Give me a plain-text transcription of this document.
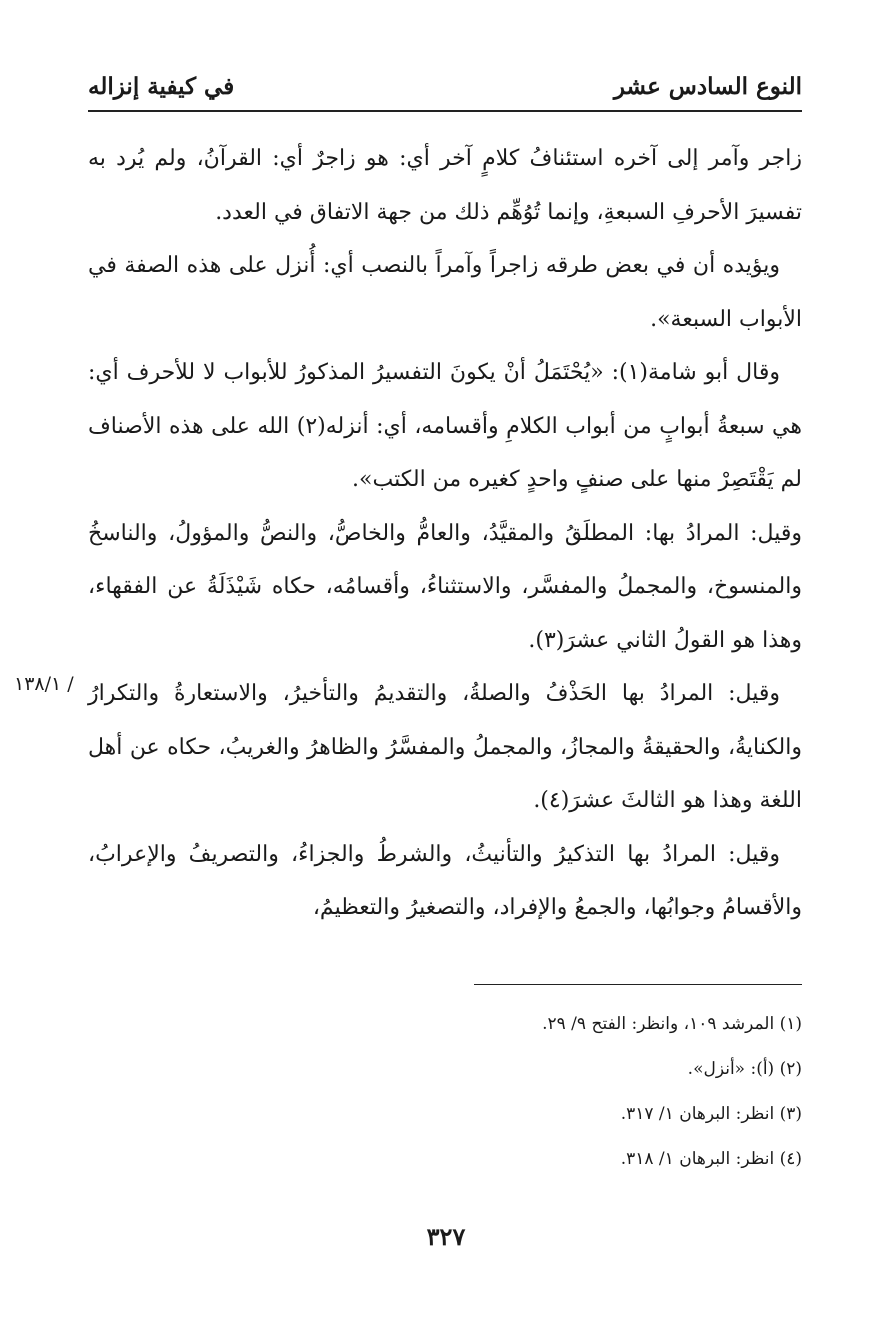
النوع السادس عشر
في كيفية إنزاله

زاجر وآمر إلى آخره استئنافُ كلامٍ آخر أي: هو زاجرٌ أي: القرآنُ، ولم يُرد به تفسيرَ الأحرفِ السبعةِ، وإنما تُوُهِّم ذلك من جهة الاتفاق في العدد.

ويؤيده أن في بعض طرقه زاجراً وآمراً بالنصب أي: أُنزل على هذه الصفة في الأبواب السبعة».

وقال أبو شامة(١): «يُحْتَمَلُ أنْ يكونَ التفسيرُ المذكورُ للأبواب لا للأحرف أي: هي سبعةُ أبوابٍ من أبواب الكلامِ وأقسامه، أي: أنزله(٢) الله على هذه الأصناف لم يَقْتَصِرْ منها على صنفٍ واحدٍ كغيره من الكتب».

وقيل: المرادُ بها: المطلَقُ والمقيَّدُ، والعامُّ والخاصُّ، والنصُّ والمؤولُ، والناسخُ والمنسوخ، والمجملُ والمفسَّر، والاستثناءُ، وأقسامُه، حكاه شَيْذَلَةُ عن الفقهاء، وهذا هو القولُ الثاني عشرَ(٣).

وقيل: المرادُ بها الحَذْفُ والصلةُ، والتقديمُ والتأخيرُ، والاستعارةُ والتكرارُ والكنايةُ، والحقيقةُ والمجازُ، والمجملُ والمفسَّرُ والظاهرُ والغريبُ، حكاه عن أهل اللغة وهذا هو الثالثَ عشرَ(٤).

وقيل: المرادُ بها التذكيرُ والتأنيثُ، والشرطُ والجزاءُ، والتصريفُ والإعرابُ، والأقسامُ وجوابُها، والجمعُ والإفراد، والتصغيرُ والتعظيمُ،

١٣٨/١ /

(١) المرشد ١٠٩، وانظر: الفتح ٩/ ٢٩.

(٢) (أ): «أنزل».

(٣) انظر: البرهان ١/ ٣١٧.

(٤) انظر: البرهان ١/ ٣١٨.

٣٢٧
